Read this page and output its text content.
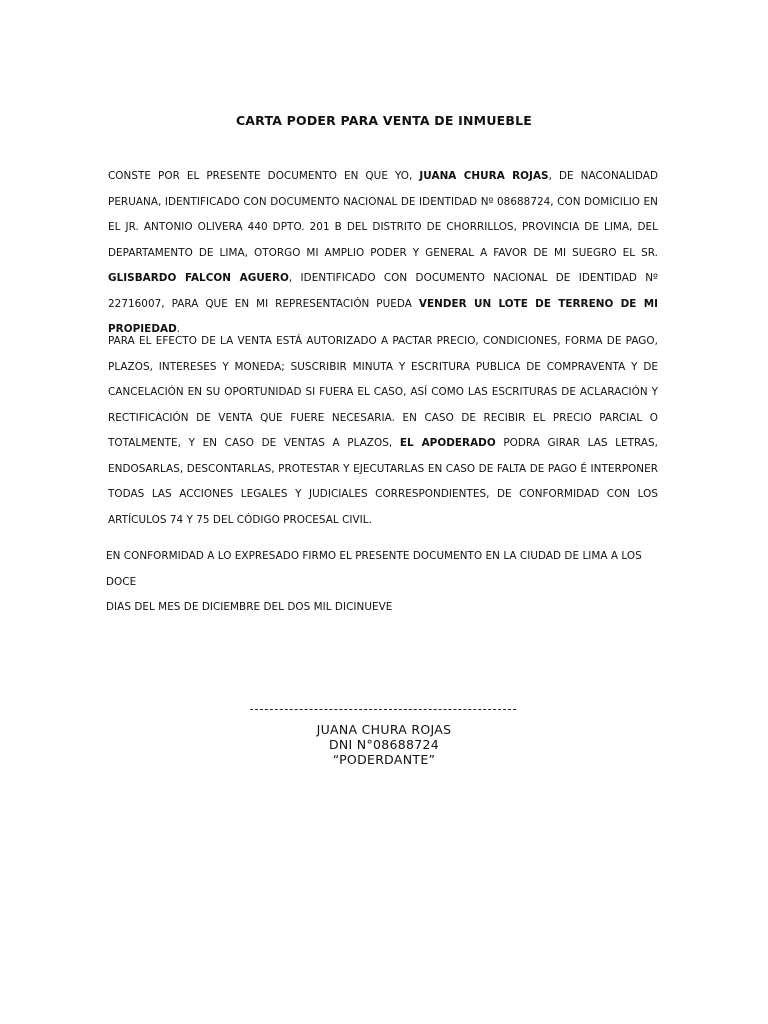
CARTA PODER PARA VENTA DE INMUEBLE
CONSTE POR EL PRESENTE DOCUMENTO EN QUE YO, JUANA CHURA ROJAS, DE NACONALIDAD PERUANA, IDENTIFICADO CON DOCUMENTO NACIONAL DE IDENTIDAD Nº 08688724, CON DOMICILIO EN EL JR. ANTONIO OLIVERA 440 DPTO. 201 B DEL DISTRITO DE CHORRILLOS, PROVINCIA DE LIMA, DEL DEPARTAMENTO DE LIMA, OTORGO MI AMPLIO PODER Y GENERAL A FAVOR DE MI SUEGRO EL SR. GLISBARDO FALCON AGUERO, IDENTIFICADO CON DOCUMENTO NACIONAL DE IDENTIDAD Nº 22716007, PARA QUE EN MI REPRESENTACIÓN PUEDA VENDER UN LOTE DE TERRENO DE MI PROPIEDAD.
PARA EL EFECTO DE LA VENTA ESTÁ AUTORIZADO A PACTAR PRECIO, CONDICIONES, FORMA DE PAGO, PLAZOS, INTERESES Y MONEDA; SUSCRIBIR MINUTA Y ESCRITURA PUBLICA DE COMPRAVENTA Y DE CANCELACIÓN EN SU OPORTUNIDAD SI FUERA EL CASO, ASÍ COMO LAS ESCRITURAS DE ACLARACIÓN Y RECTIFICACIÓN DE VENTA QUE FUERE NECESARIA. EN CASO DE RECIBIR EL PRECIO PARCIAL O TOTALMENTE, Y EN CASO DE VENTAS A PLAZOS, EL APODERADO PODRA GIRAR LAS LETRAS, ENDOSARLAS, DESCONTARLAS, PROTESTAR Y EJECUTARLAS EN CASO DE FALTA DE PAGO É INTERPONER TODAS LAS ACCIONES LEGALES Y JUDICIALES CORRESPONDIENTES, DE CONFORMIDAD CON LOS ARTÍCULOS 74 Y 75 DEL CÓDIGO PROCESAL CIVIL.
EN CONFORMIDAD A LO EXPRESADO FIRMO EL PRESENTE DOCUMENTO EN LA CIUDAD DE LIMA A LOS DOCE
DIAS DEL MES DE DICIEMBRE DEL DOS MIL DICINUEVE
JUANA CHURA ROJAS
DNI N°08688724
“PODERDANTE”
